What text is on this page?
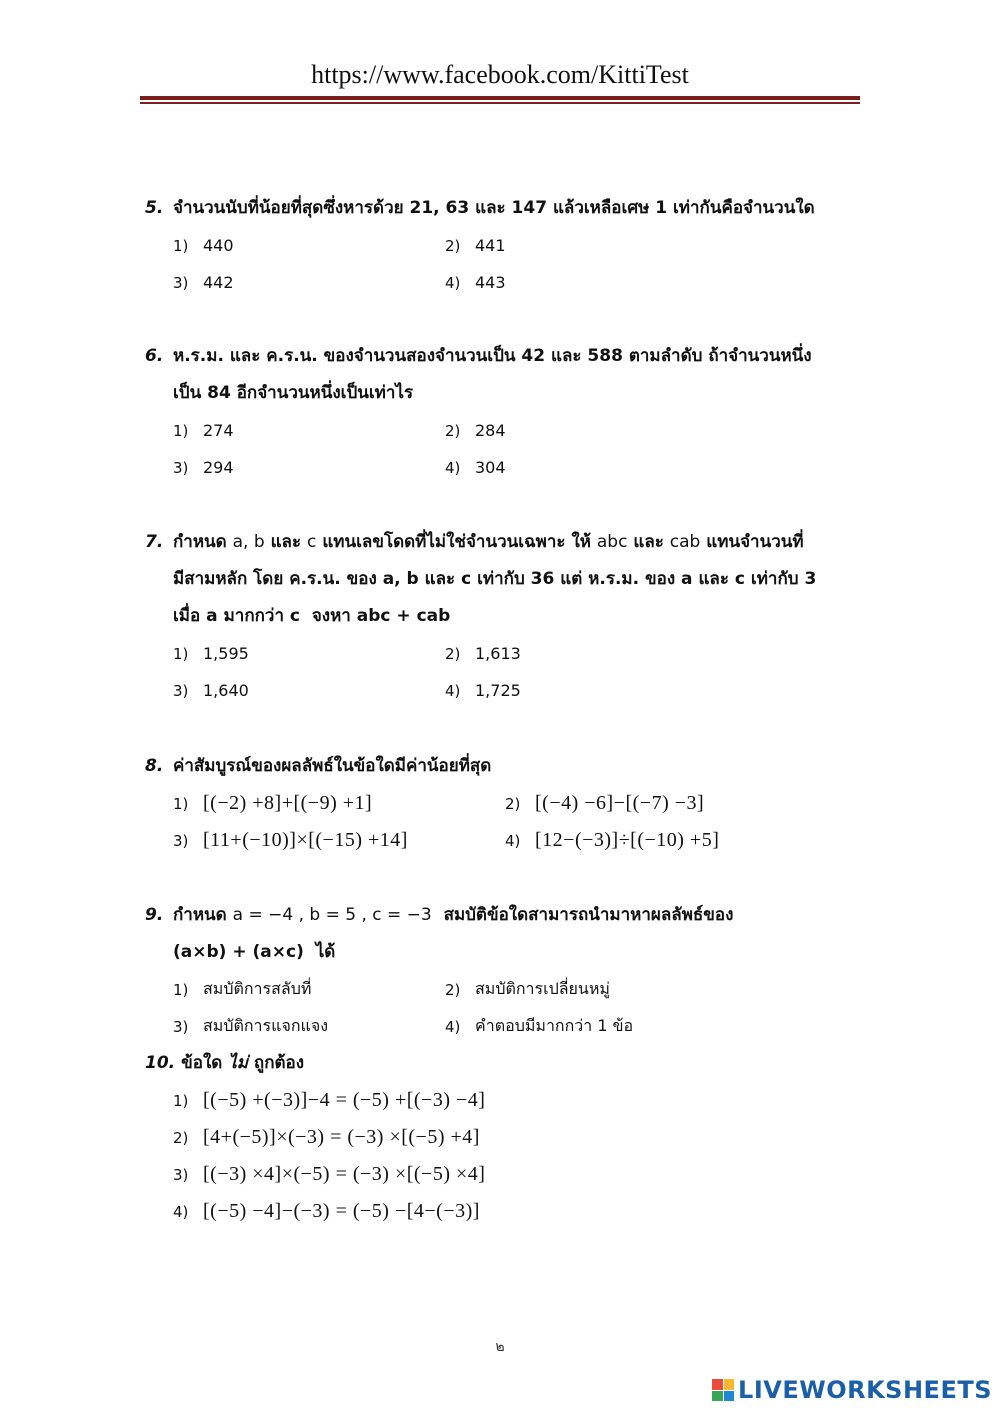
https://www.facebook.com/KittiTest
5. จำนวนนับที่น้อยที่สุดซึ่งหารด้วย 21, 63 และ 147 แล้วเหลือเศษ 1 เท่ากันคือจำนวนใด
1) 440	2) 441
3) 442	4) 443
6. ห.ร.ม. และ ค.ร.น. ของจำนวนสองจำนวนเป็น 42 และ 588 ตามลำดับ ถ้าจำนวนหนึ่ง
เป็น 84 อีกจำนวนหนึ่งเป็นเท่าไร
1) 274	2) 284
3) 294	4) 304
7. กำหนด a, b และ c แทนเลขโดดที่ไม่ใช่จำนวนเฉพาะ ให้ abc และ cab แทนจำนวนที่
มีสามหลัก โดย ค.ร.น. ของ a, b และ c เท่ากับ 36 แต่ ห.ร.ม. ของ a และ c เท่ากับ 3
เมื่อ a มากกว่า c จงหา abc + cab
1) 1,595	2) 1,613
3) 1,640	4) 1,725
8. ค่าสัมบูรณ์ของผลลัพธ์ในข้อใดมีค่าน้อยที่สุด
1) [(−2) +8]+[(−9) +1]	2) [(−4) −6]−[(−7) −3]
3) [11+(−10)]×[(−15) +14]	4) [12−(−3)]÷[(−10) +5]
9. กำหนด a = −4 , b = 5 , c = −3 สมบัติข้อใดสามารถนำมาหาผลลัพธ์ของ
(a×b) + (a×c) ได้
1) สมบัติการสลับที่	2) สมบัติการเปลี่ยนหมู่
3) สมบัติการแจกแจง	4) คำตอบมีมากกว่า 1 ข้อ
10. ข้อใด ไม่ ถูกต้อง
1) [(−5) +(−3)]−4 = (−5) +[(−3) −4]
2) [4+(−5)]×(−3) = (−3) ×[(−5) +4]
3) [(−3) ×4]×(−5) = (−3) ×[(−5) ×4]
4) [(−5) −4]−(−3) = (−5) −[4−(−3)]
๒
LIVEWORKSHEETS
